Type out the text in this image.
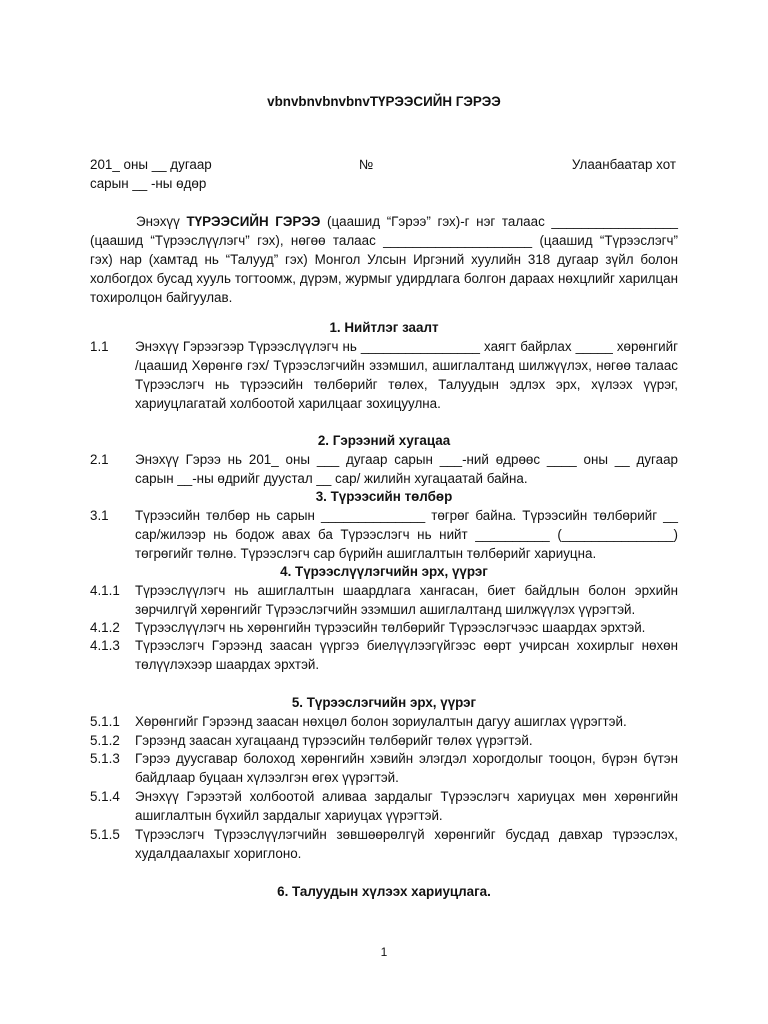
vbnvbnvbnvbnvТҮРЭЭСИЙН ГЭРЭЭ
201_ оны __ дугаар
сарын __ -ны өдөр
№	Улаанбаатар хот
Энэхүү ТҮРЭЭСИЙН ГЭРЭЭ (цаашид “Гэрээ” гэх)-г нэг талаас _________________ (цаашид “Түрээслүүлэгч” гэх), нөгөө талаас ____________________ (цаашид “Түрээслэгч” гэх) нар (хамтад нь “Талууд” гэх) Монгол Улсын Иргэний хуулийн 318 дугаар зүйл болон холбогдох бусад хууль тогтоомж, дүрэм, журмыг удирдлага болгон дараах нөхцлийг харилцан тохиролцон байгуулав.
1. Нийтлэг заалт
1.1 Энэхүү Гэрээгээр Түрээслүүлэгч нь ________________ хаягт байрлах _____ хөрөнгийг /цаашид Хөрөнгө гэх/ Түрээслэгчийн эзэмшил, ашиглалтанд шилжүүлэх, нөгөө талаас Түрээслэгч нь түрээсийн төлбөрийг төлөх, Талуудын эдлэх эрх, хүлээх үүрэг, хариуцлагатай холбоотой харилцааг зохицуулна.
2. Гэрээний хугацаа
2.1 Энэхүү Гэрээ нь 201_ оны ___ дугаар сарын ___-ний өдрөөс ____ оны __ дугаар сарын __-ны өдрийг дуустал __ сар/ жилийн хугацаатай байна.
3. Түрээсийн төлбөр
3.1 Түрээсийн төлбөр нь сарын ______________ төгрөг байна. Түрээсийн төлбөрийг __ сар/жилээр нь бодож авах ба Түрээслэгч нь нийт __________ (_______________) төгрөгийг төлнө. Түрээслэгч сар бүрийн ашиглалтын төлбөрийг хариуцна.
4. Түрээслүүлэгчийн эрх, үүрэг
4.1.1 Түрээслүүлэгч нь ашиглалтын шаардлага хангасан, биет байдлын болон эрхийн зөрчилгүй хөрөнгийг Түрээслэгчийн эзэмшил ашиглалтанд шилжүүлэх үүрэгтэй.
4.1.2 Түрээслүүлэгч нь хөрөнгийн түрээсийн төлбөрийг Түрээслэгчээс шаардах эрхтэй.
4.1.3 Түрээслэгч Гэрээнд заасан үүргээ биелүүлээгүйгээс өөрт учирсан хохирлыг нөхөн төлүүлэхээр шаардах эрхтэй.
5. Түрээслэгчийн эрх, үүрэг
5.1.1 Хөрөнгийг Гэрээнд заасан нөхцөл болон зориулалтын дагуу ашиглах үүрэгтэй.
5.1.2 Гэрээнд заасан хугацаанд түрээсийн төлбөрийг төлөх үүрэгтэй.
5.1.3 Гэрээ дуусгавар болоход хөрөнгийн хэвийн элэгдэл хорогдолыг тооцон, бүрэн бүтэн байдлаар буцаан хүлээлгэн өгөх үүрэгтэй.
5.1.4 Энэхүү Гэрээтэй холбоотой аливаа зардалыг Түрээслэгч хариуцах мөн хөрөнгийн ашиглалтын бүхийл зардалыг хариуцах үүрэгтэй.
5.1.5 Түрээслэгч Түрээслүүлэгчийн зөвшөөрөлгүй хөрөнгийг бусдад давхар түрээслэх, худалдаалахыг хориглоно.
6. Талуудын хүлээх хариуцлага.
1
